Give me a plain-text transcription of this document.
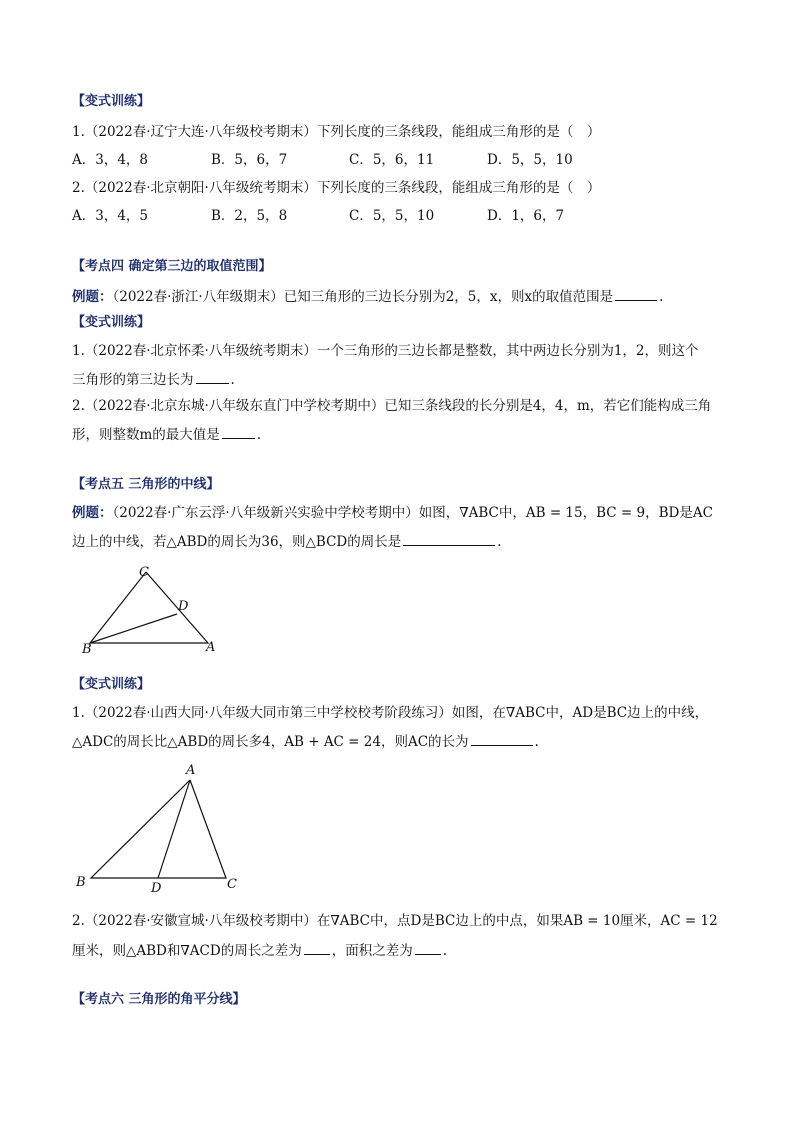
【变式训练】
1.（2022春·辽宁大连·八年级校考期末）下列长度的三条线段，能组成三角形的是（　）
A．3，4，8	B．5，6，7	C．5，6，11	D．5，5，10
2.（2022春·北京朝阳·八年级统考期末）下列长度的三条线段，能组成三角形的是（　）
A．3，4，5	B．2，5，8	C．5，5，10	D．1，6，7
【考点四 确定第三边的取值范围】
例题：（2022春·浙江·八年级期末）已知三角形的三边长分别为2，5，x，则x的取值范围是	.
【变式训练】
1.（2022春·北京怀柔·八年级统考期末）一个三角形的三边长都是整数，其中两边长分别为1，2，则这个
三角形的第三边长为	.
2.（2022春·北京东城·八年级东直门中学校考期中）已知三条线段的长分别是4，4，m，若它们能构成三角
形，则整数m的最大值是	.
【考点五 三角形的中线】
例题：（2022春·广东云浮·八年级新兴实验中学校考期中）如图，∇ABC中，AB = 15，BC = 9，BD是AC
边上的中线，若△ABD的周长为36，则△BCD的周长是	.
C
D
B	A
【变式训练】
1.（2022春·山西大同·八年级大同市第三中学校校考阶段练习）如图，在∇ABC中，AD是BC边上的中线，
△ADC的周长比△ABD的周长多4，AB + AC = 24，则AC的长为	.
A
B	D	C
2.（2022春·安徽宣城·八年级校考期中）在∇ABC中，点D是BC边上的中点，如果AB = 10厘米，AC = 12
厘米，则△ABD和∇ACD的周长之差为 ，面积之差为 .
【考点六 三角形的角平分线】
